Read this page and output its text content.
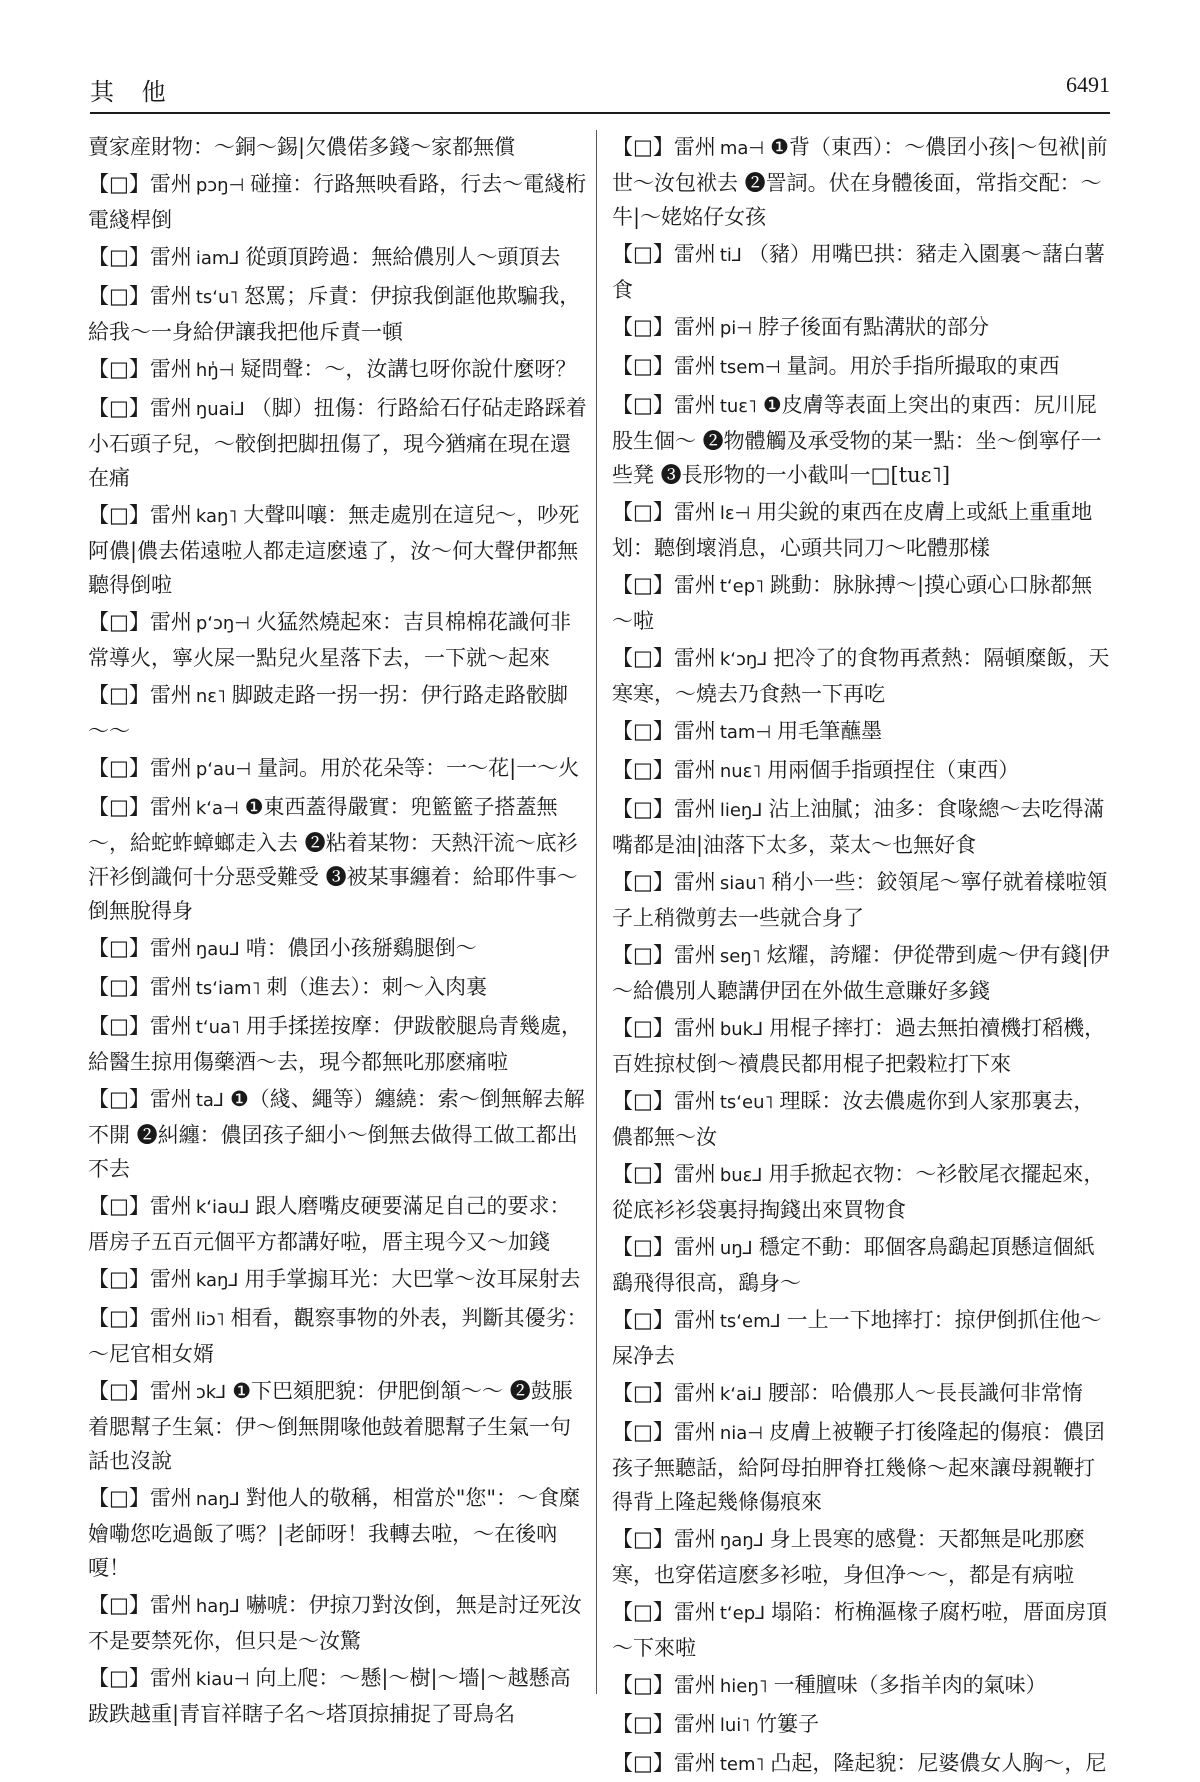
其 他	6491
賣家産財物：～銅～錫|欠儂偌多錢～家都無償
【□】雷州 pɔŋ⊣ 碰撞：行路無映看路，行去～電綫桁電綫桿倒
【□】雷州 iam⅃ 從頭頂跨過：無給儂別人～頭頂去
【□】雷州 tsʻu˥ 怒罵；斥責：伊掠我倒誆他欺騙我，給我～一身給伊讓我把他斥責一頓
【□】雷州 hŋ̍⊣ 疑問聲：～，汝講乜呀你說什麼呀？
【□】雷州 ŋuai⅃ （脚）扭傷：行路給石仔砧走路踩着小石頭子兒，～骹倒把脚扭傷了，現今猶痛在現在還在痛
【□】雷州 kaŋ˥ 大聲叫嚷：無走處別在這兒～，吵死阿儂|儂去偌遠啦人都走這麽遠了，汝～何大聲伊都無聽得倒啦
【□】雷州 pʻɔŋ⊣ 火猛然燒起來：吉貝棉棉花識何非常導火，寧火屎一點兒火星落下去，一下就～起來
【□】雷州 nɛ˥ 脚跛走路一拐一拐：伊行路走路骹脚～～
【□】雷州 pʻau⊣ 量詞。用於花朵等：一～花|一～火
【□】雷州 kʻa⊣ ❶東西蓋得嚴實：兜籃籃子搭蓋無～，給蛇蚱蟑螂走入去 ❷粘着某物：天熱汗流～底衫汗衫倒識何十分惡受難受 ❸被某事纏着：給耶件事～倒無脫得身
【□】雷州 ŋau⅃ 啃：儂囝小孩掰鷄腿倒～
【□】雷州 tsʻiam˥ 刺（進去）：刺～入肉裏
【□】雷州 tʻua˥ 用手揉搓按摩：伊跋骹腿烏青幾處，給醫生掠用傷藥酒～去，現今都無叱那麽痛啦
【□】雷州 ta⅃ ❶（綫、繩等）纏繞：索～倒無解去解不開 ❷糾纏：儂囝孩子細小～倒無去做得工做工都出不去
【□】雷州 kʻiau⅃ 跟人磨嘴皮硬要滿足自己的要求：厝房子五百元個平方都講好啦，厝主現今又～加錢
【□】雷州 kaŋ⅃ 用手掌搧耳光：大巴掌～汝耳屎射去
【□】雷州 liɔ˥ 相看，觀察事物的外表，判斷其優劣：～尼官相女婿
【□】雷州 ɔk⅃ ❶下巴頦肥貌：伊肥倒頷～～ ❷鼓脹着腮幫子生氣：伊～倒無開喙他鼓着腮幫子生氣一句話也沒說
【□】雷州 naŋ⅃ 對他人的敬稱，相當於"您"：～食糜嬒嘞您吃過飯了嗎？|老師呀！我轉去啦，～在後吶嗄！
【□】雷州 haŋ⅃ 嚇唬：伊掠刀對汝倒，無是討䢊死汝不是要禁死你，但只是～汝驚
【□】雷州 kiau⊣ 向上爬：～懸|～樹|～墻|～越懸高跋跌越重|青盲祥瞎子名～塔頂掠捕捉了哥鳥名
【□】雷州 ma⊣ ❶背（東西）：～儂囝小孩|～包袱|前世～汝包袱去 ❷詈詞。伏在身體後面，常指交配：～牛|～姥姳仔女孩
【□】雷州 ti⅃ （豬）用嘴巴拱：豬走入園裏～藷白薯食
【□】雷州 pi⊣ 脖子後面有點溝狀的部分
【□】雷州 tsem⊣ 量詞。用於手指所撮取的東西
【□】雷州 tuɛ˥ ❶皮膚等表面上突出的東西：尻川屁股生個～ ❷物體觸及承受物的某一點：坐～倒寧仔一些凳 ❸長形物的一小截叫一□[tuɛ˥]
【□】雷州 lɛ⊣ 用尖銳的東西在皮膚上或紙上重重地划：聽倒壞消息，心頭共同刀～叱體那樣
【□】雷州 tʻep˥ 跳動：脉脉搏～|摸心頭心口脉都無～啦
【□】雷州 kʻɔŋ⅃ 把冷了的食物再煮熱：隔頓糜飯，天寒寒，～燒去乃食熱一下再吃
【□】雷州 tam⊣ 用毛筆蘸墨
【□】雷州 nuɛ˥ 用兩個手指頭捏住（東西）
【□】雷州 lieŋ⅃ 沾上油膩；油多：食喙總～去吃得滿嘴都是油|油落下太多，菜太～也無好食
【□】雷州 siau˥ 稍小一些：鉸領尾～寧仔就着樣啦領子上稍微剪去一些就合身了
【□】雷州 seŋ˥ 炫耀，誇耀：伊從帶到處～伊有錢|伊～給儂別人聽講伊囝在外做生意賺好多錢
【□】雷州 buk⅃ 用棍子摔打：過去無拍䄣機打稻機，百姓掠杖倒～䄣農民都用棍子把穀粒打下來
【□】雷州 tsʻeu˥ 理睬：汝去儂處你到人家那裏去，儂都無～汝
【□】雷州 buɛ⅃ 用手掀起衣物：～衫骹尾衣擺起來，從底衫衫袋裏挦掏錢出來買物食
【□】雷州 uŋ⅃ 穩定不動：耶個客鳥鷂起頂懸這個紙鷂飛得很高，鷂身～
【□】雷州 tsʻem⅃ 一上一下地摔打：掠伊倒抓住他～屎净去
【□】雷州 kʻai⅃ 腰部：哈儂那人～長長識何非常惰
【□】雷州 nia⊣ 皮膚上被鞭子打後隆起的傷痕：儂囝孩子無聽話，給阿母拍胛脊扛幾條～起來讓母親鞭打得背上隆起幾條傷痕來
【□】雷州 ŋaŋ⅃ 身上畏寒的感覺：天都無是叱那麽寒，也穿偌這麽多衫啦，身但净～～，都是有病啦
【□】雷州 tʻep⅃ 塌陷：桁桷漚椽子腐朽啦，厝面房頂～下來啦
【□】雷州 hieŋ˥ 一種膻味（多指羊肉的氣味）
【□】雷州 lui˥ 竹簍子
【□】雷州 tem˥ 凸起，隆起貌：尼婆儂女人胸～，尼
